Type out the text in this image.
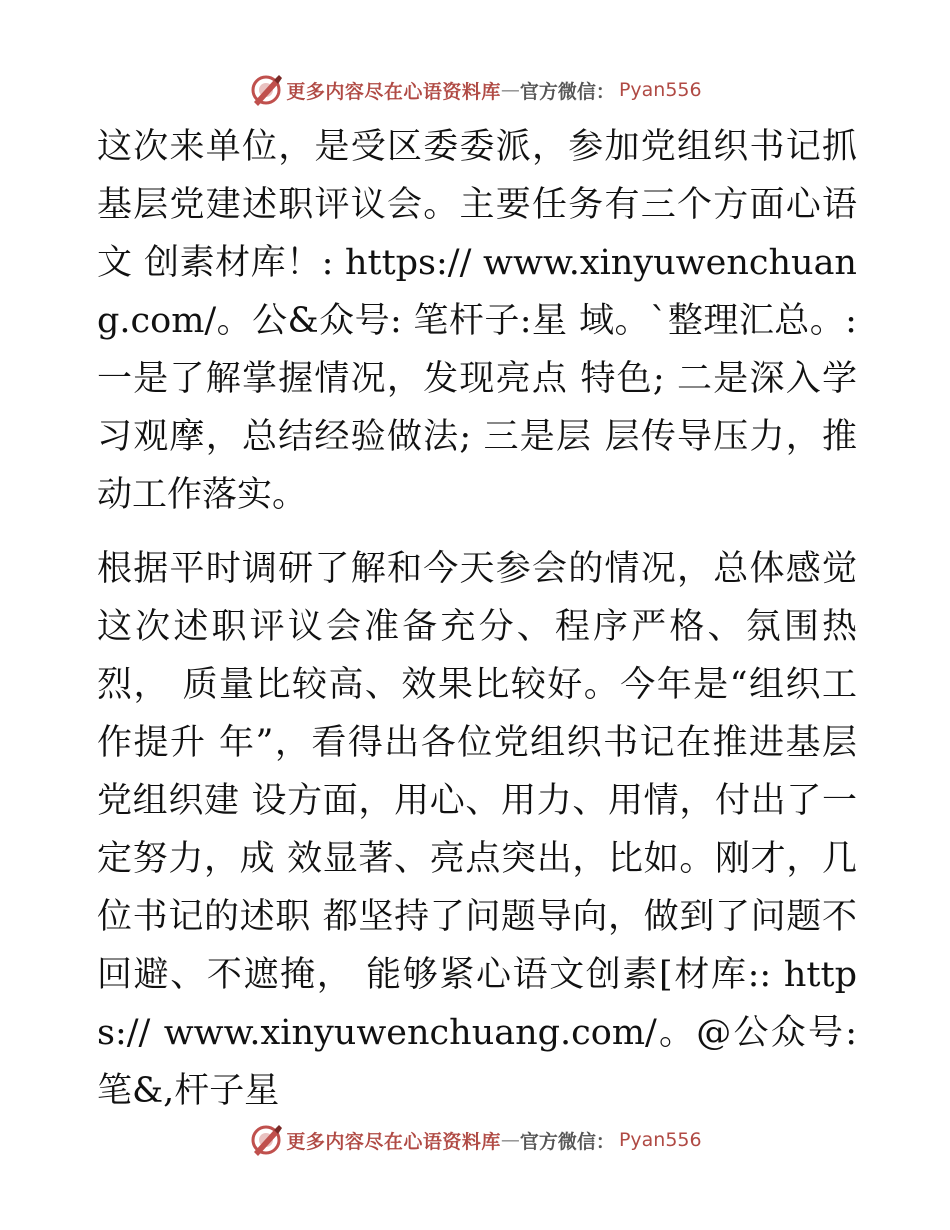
更多内容尽在心语资料库 — 官方微信： Pyan556

这次来单位，是受区委委派，参加党组织书记抓 基层党建述职评议会。主要任务有三个方面心语文 创素材库！: https:// www.xinyuwenchuang.com/。公&众号: 笔杆子:星 域。`整理汇总。: 一是了解掌握情况，发现亮点 特色; 二是深入学习观摩，总结经验做法; 三是层 层传导压力，推动工作落实。

根据平时调研了解和今天参会的情况，总体感觉 这次述职评议会准备充分、程序严格、氛围热烈， 质量比较高、效果比较好。今年是“组织工作提升 年”，看得出各位党组织书记在推进基层党组织建 设方面，用心、用力、用情，付出了一定努力，成 效显著、亮点突出，比如。刚才，几位书记的述职 都坚持了问题导向，做到了问题不回避、不遮掩， 能够紧心语文创素[材库:: https:// www.xinyuwenchuang.com/。@公众号: 笔&,杆子星

更多内容尽在心语资料库 — 官方微信： Pyan556
